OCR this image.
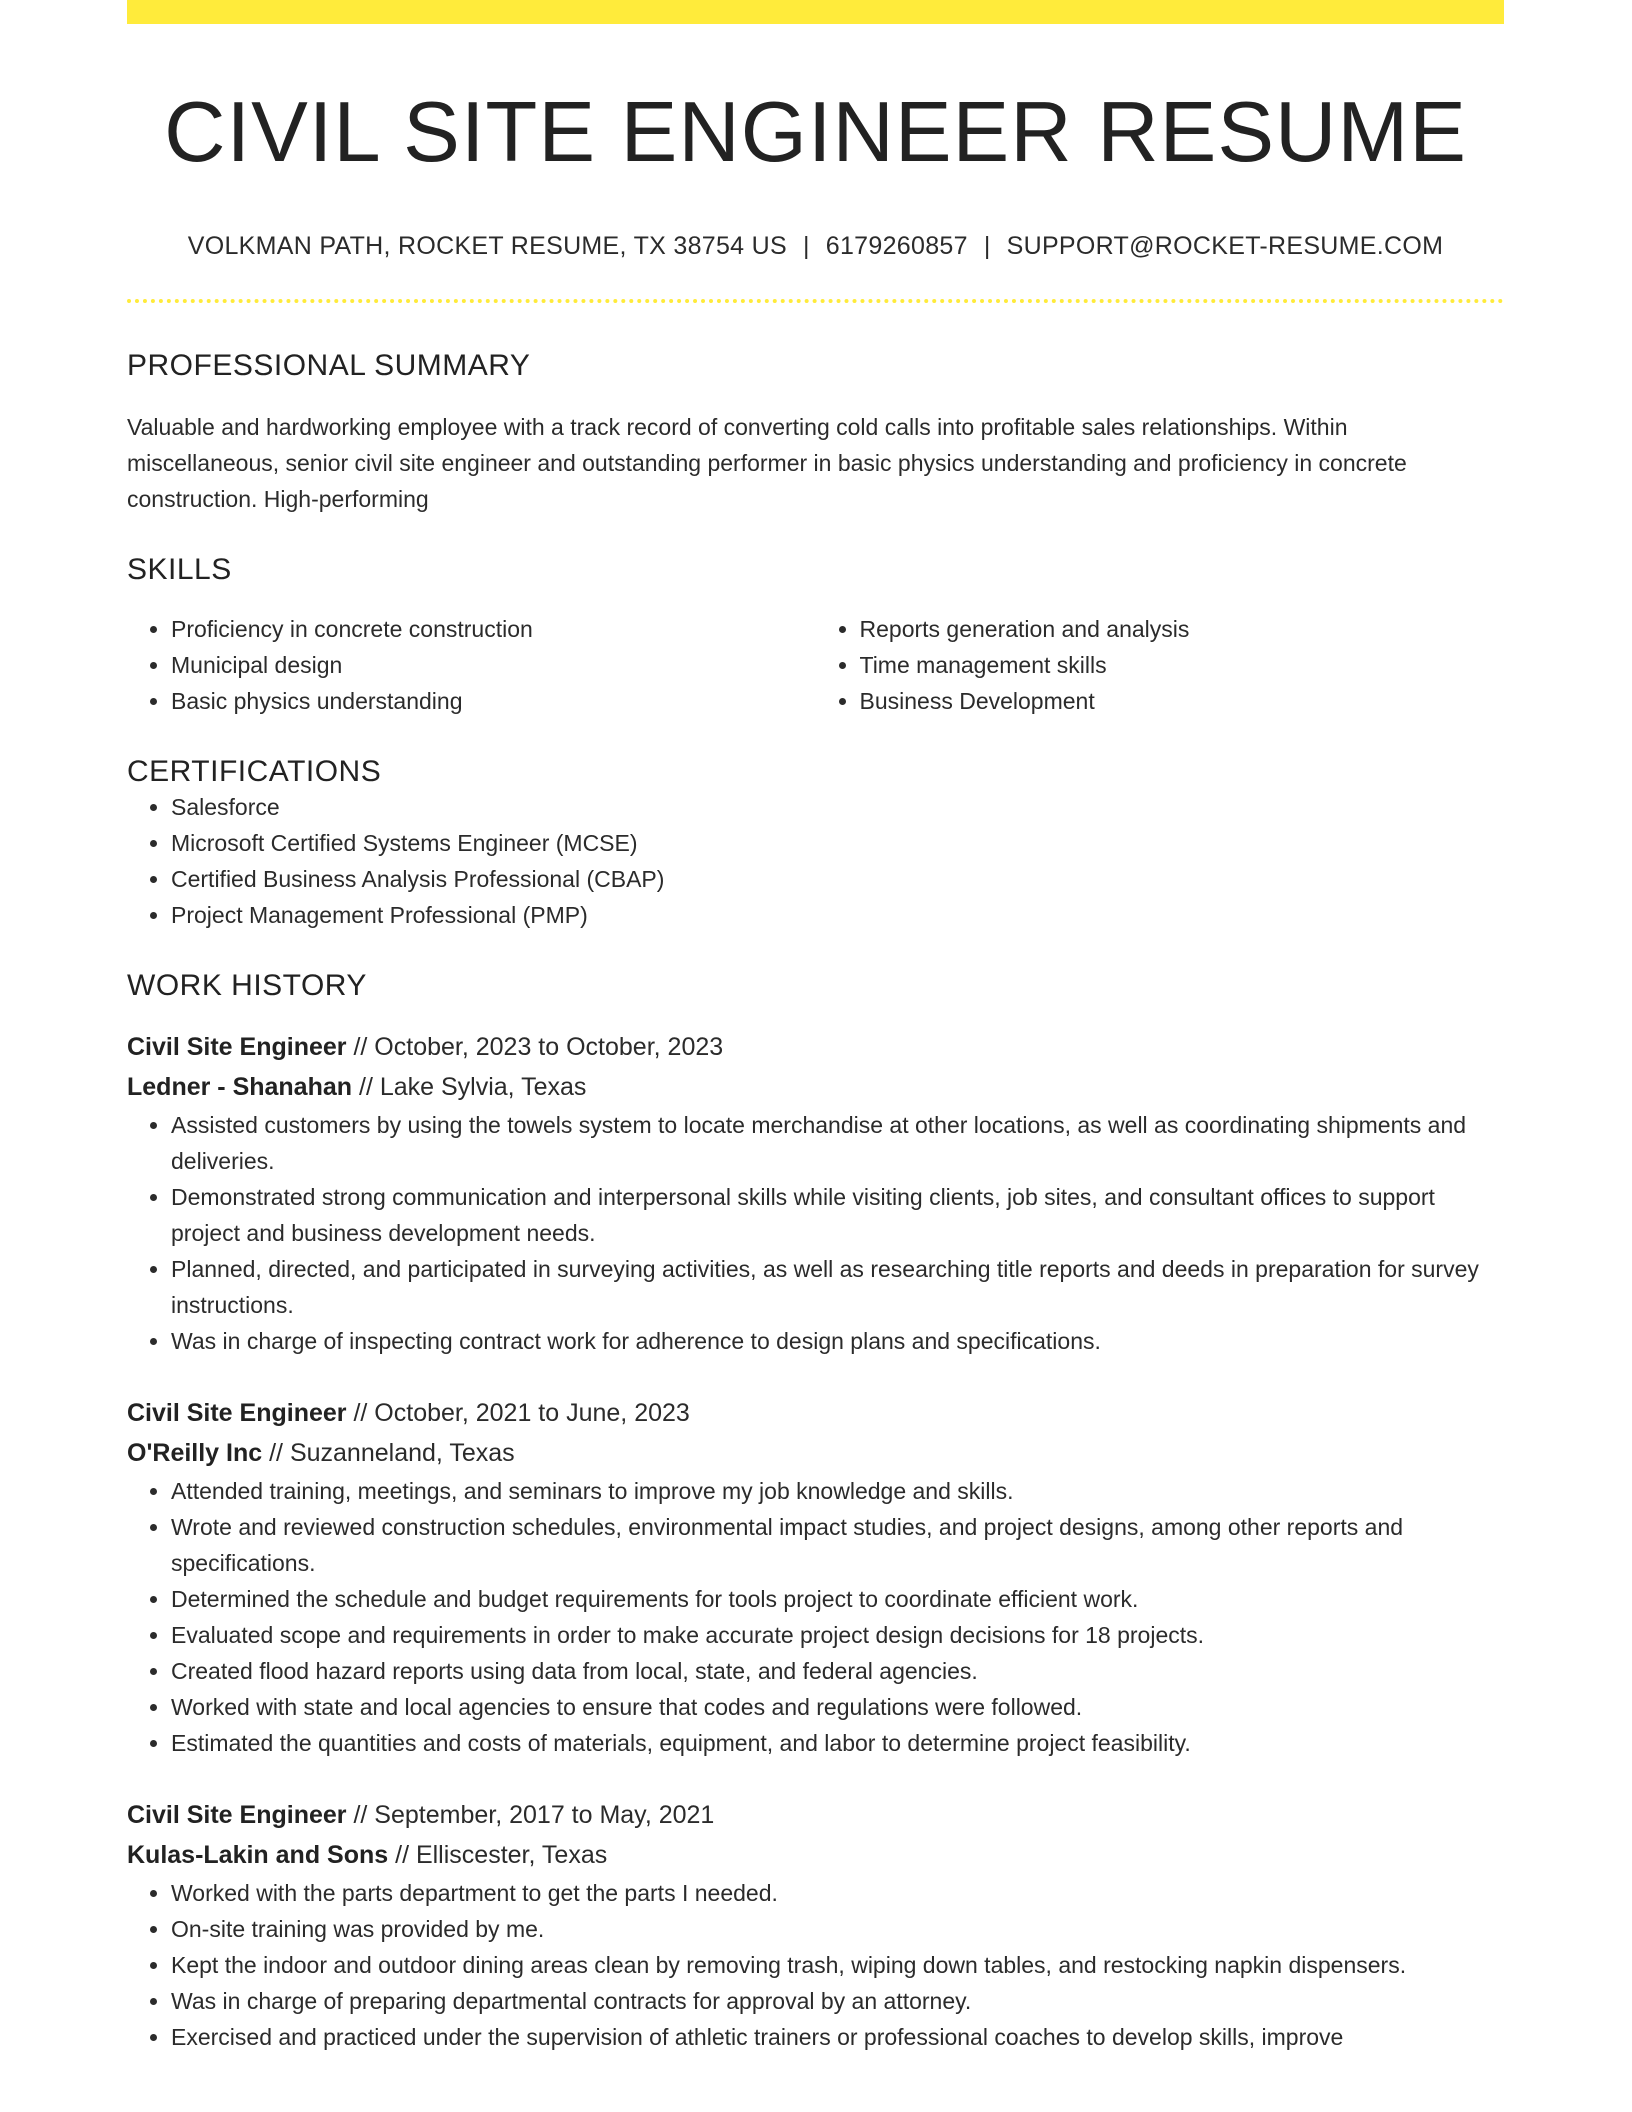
CIVIL SITE ENGINEER RESUME
VOLKMAN PATH, ROCKET RESUME, TX 38754 US | 6179260857 | SUPPORT@ROCKET-RESUME.COM
PROFESSIONAL SUMMARY

Valuable and hardworking employee with a track record of converting cold calls into profitable sales relationships. Within miscellaneous, senior civil site engineer and outstanding performer in basic physics understanding and proficiency in concrete construction. High-performing

SKILLS
• Proficiency in concrete construction
• Municipal design
• Basic physics understanding
• Reports generation and analysis
• Time management skills
• Business Development
CERTIFICATIONS
• Salesforce
• Microsoft Certified Systems Engineer (MCSE)
• Certified Business Analysis Professional (CBAP)
• Project Management Professional (PMP)
WORK HISTORY
Civil Site Engineer // October, 2023 to October, 2023
Ledner - Shanahan // Lake Sylvia, Texas
• Assisted customers by using the towels system to locate merchandise at other locations, as well as coordinating shipments and deliveries.
• Demonstrated strong communication and interpersonal skills while visiting clients, job sites, and consultant offices to support project and business development needs.
• Planned, directed, and participated in surveying activities, as well as researching title reports and deeds in preparation for survey instructions.
• Was in charge of inspecting contract work for adherence to design plans and specifications.
Civil Site Engineer // October, 2021 to June, 2023
O'Reilly Inc // Suzanneland, Texas
• Attended training, meetings, and seminars to improve my job knowledge and skills.
• Wrote and reviewed construction schedules, environmental impact studies, and project designs, among other reports and specifications.
• Determined the schedule and budget requirements for tools project to coordinate efficient work.
• Evaluated scope and requirements in order to make accurate project design decisions for 18 projects.
• Created flood hazard reports using data from local, state, and federal agencies.
• Worked with state and local agencies to ensure that codes and regulations were followed.
• Estimated the quantities and costs of materials, equipment, and labor to determine project feasibility.
Civil Site Engineer // September, 2017 to May, 2021
Kulas-Lakin and Sons // Elliscester, Texas
• Worked with the parts department to get the parts I needed.
• On-site training was provided by me.
• Kept the indoor and outdoor dining areas clean by removing trash, wiping down tables, and restocking napkin dispensers.
• Was in charge of preparing departmental contracts for approval by an attorney.
• Exercised and practiced under the supervision of athletic trainers or professional coaches to develop skills, improve
